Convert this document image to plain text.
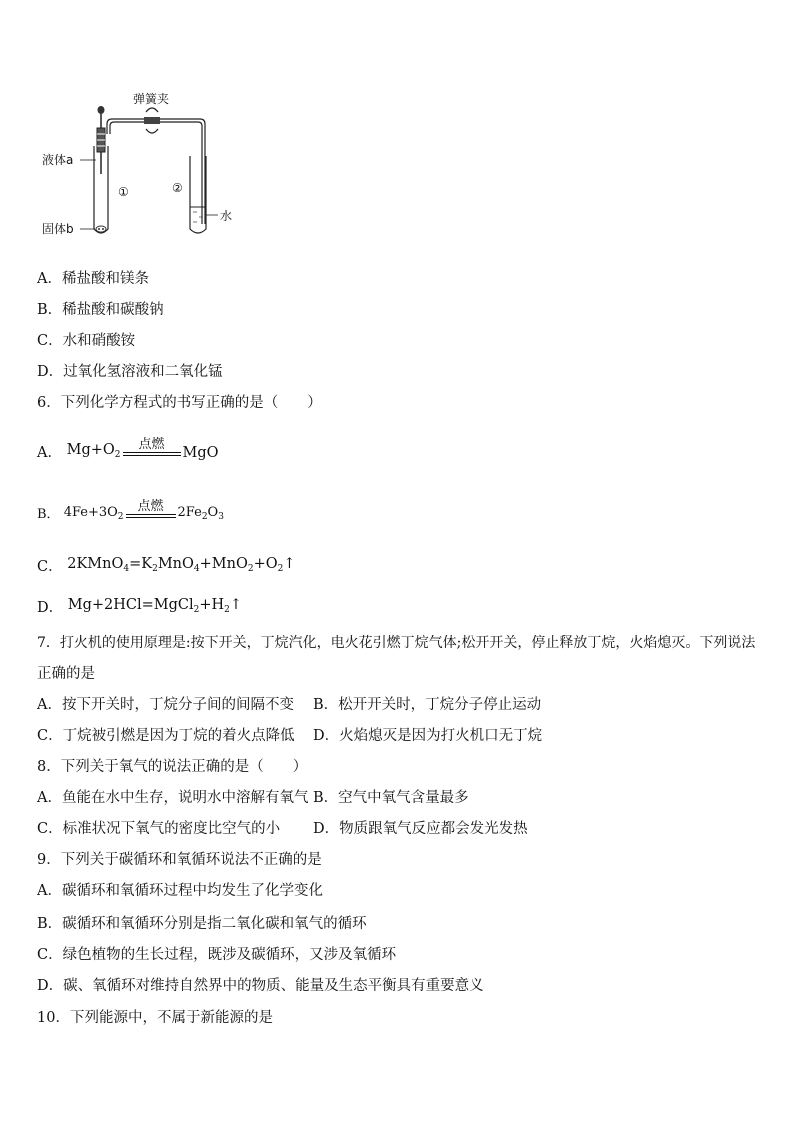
弹簧夹
液体a
固体b
①	②
水
A．稀盐酸和镁条
B．稀盐酸和碳酸钠
C．水和硝酸铵
D．过氧化氢溶液和二氧化锰
6．下列化学方程式的书写正确的是（　　）
A． $Mg+O_2$
点燃
MgO
B． $4Fe+3O_2$
点燃 $2Fe_2O_3$
C． $2KMnO_4=K_2MnO_4+MnO_2+O_2↑$
D． $Mg+2HCl=MgCl_2+H_2↑$
7．打火机的使用原理是:按下开关，丁烷汽化，电火花引燃丁烷气体;松开开关，停止释放丁烷，火焰熄灭。下列说法
正确的是
A．按下开关时，丁烷分子间的间隔不变 B．松开开关时，丁烷分子停止运动
C．丁烷被引燃是因为丁烷的着火点降低 D．火焰熄灭是因为打火机口无丁烷
8．下列关于氧气的说法正确的是（　　）
A．鱼能在水中生存，说明水中溶解有氧气 B．空气中氧气含量最多
C．标准状况下氧气的密度比空气的小 D．物质跟氧气反应都会发光发热
9．下列关于碳循环和氧循环说法不正确的是
A．碳循环和氧循环过程中均发生了化学变化
B．碳循环和氧循环分别是指二氧化碳和氧气的循环
C．绿色植物的生长过程，既涉及碳循环，又涉及氧循环
D．碳、氧循环对维持自然界中的物质、能量及生态平衡具有重要意义
10．下列能源中，不属于新能源的是
